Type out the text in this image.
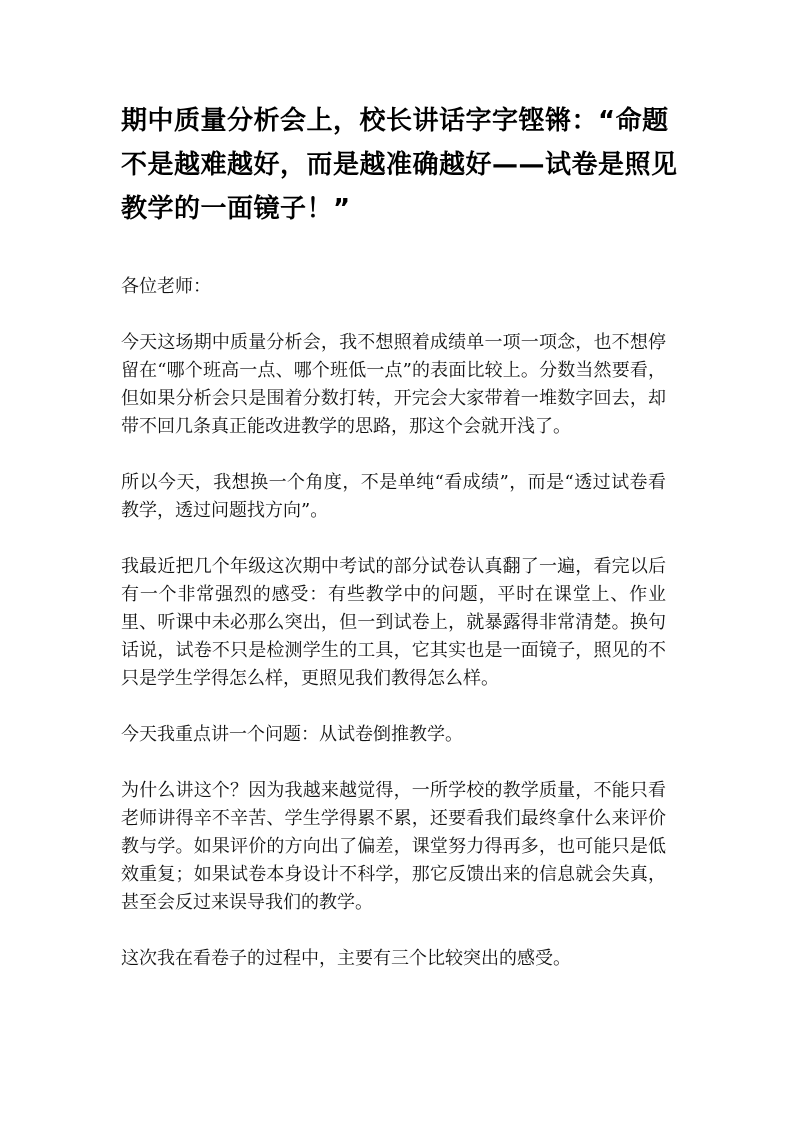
期中质量分析会上，校长讲话字字铿锵：“命题不是越难越好，而是越准确越好——试卷是照见教学的一面镜子！”

各位老师：

今天这场期中质量分析会，我不想照着成绩单一项一项念，也不想停留在“哪个班高一点、哪个班低一点”的表面比较上。分数当然要看，但如果分析会只是围着分数打转，开完会大家带着一堆数字回去，却带不回几条真正能改进教学的思路，那这个会就开浅了。

所以今天，我想换一个角度，不是单纯“看成绩”，而是“透过试卷看教学，透过问题找方向”。

我最近把几个年级这次期中考试的部分试卷认真翻了一遍，看完以后有一个非常强烈的感受：有些教学中的问题，平时在课堂上、作业里、听课中未必那么突出，但一到试卷上，就暴露得非常清楚。换句话说，试卷不只是检测学生的工具，它其实也是一面镜子，照见的不只是学生学得怎么样，更照见我们教得怎么样。

今天我重点讲一个问题：从试卷倒推教学。

为什么讲这个？因为我越来越觉得，一所学校的教学质量，不能只看老师讲得辛不辛苦、学生学得累不累，还要看我们最终拿什么来评价教与学。如果评价的方向出了偏差，课堂努力得再多，也可能只是低效重复；如果试卷本身设计不科学，那它反馈出来的信息就会失真，甚至会反过来误导我们的教学。

这次我在看卷子的过程中，主要有三个比较突出的感受。
